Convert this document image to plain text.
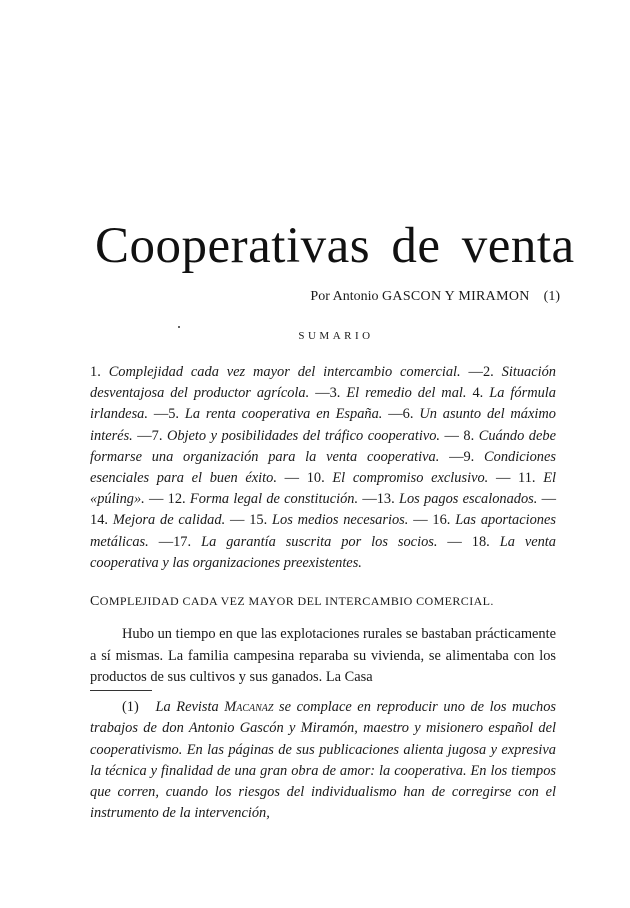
Cooperativas de venta
Por Antonio GASCON Y MIRAMON (1)
SUMARIO
1. Complejidad cada vez mayor del intercambio comercial. —2. Situación desventajosa del productor agrícola. —3. El remedio del mal. 4. La fórmula irlandesa. —5. La renta cooperativa en España. —6. Un asunto del máximo interés. —7. Objeto y posibilidades del tráfico cooperativo. — 8. Cuándo debe formarse una organización para la venta cooperativa. —9. Condiciones esenciales para el buen éxito. — 10. El compromiso exclusivo. — 11. El «púling». — 12. Forma legal de constitución. —13. Los pagos escalonados. — 14. Mejora de calidad. — 15. Los medios necesarios. — 16. Las aportaciones metálicas. —17. La garantía suscrita por los socios. — 18. La venta cooperativa y las organizaciones preexistentes.
COMPLEJIDAD CADA VEZ MAYOR DEL INTERCAMBIO COMERCIAL.
Hubo un tiempo en que las explotaciones rurales se bastaban prácticamente a sí mismas. La familia campesina reparaba su vivienda, se alimentaba con los productos de sus cultivos y sus ganados. La Casa
(1) La Revista Macanaz se complace en reproducir uno de los muchos trabajos de don Antonio Gascón y Miramón, maestro y misionero español del cooperativismo. En las páginas de sus publicaciones alienta jugosa y expresiva la técnica y finalidad de una gran obra de amor: la cooperativa. En los tiempos que corren, cuando los riesgos del individualismo han de corregirse con el instrumento de la intervención,
